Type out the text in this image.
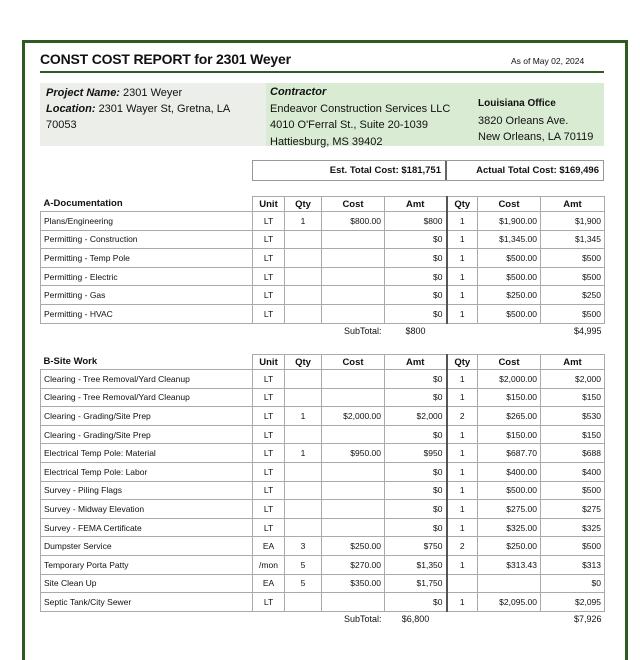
CONST COST REPORT for 2301 Weyer	As of May 02, 2024
Project Name: 2301 Weyer
Location: 2301 Wayer St, Gretna, LA
70053
Contractor
Endeavor Construction Services LLC
4010 O'Ferral St., Suite 20-1039
Hattiesburg, MS 39402
Louisiana Office
3820 Orleans Ave.
New Orleans, LA 70119
Est. Total Cost:
$181,751	Actual Total Cost:
$169,496
A-Documentation	Unit	Qty	Cost	Amt	Qty	Cost	Amt
Plans/Engineering	LT	1	$800.00	$800	1	$1,900.00	$1,900
Permitting - Construction	LT			$0	1	$1,345.00	$1,345
Permitting - Temp Pole	LT			$0	1	$500.00	$500
Permitting - Electric	LT			$0	1	$500.00	$500
Permitting - Gas	LT			$0	1	$250.00	$250
Permitting - HVAC	LT			$0	1	$500.00	$500
			SubTotal:	$800			$4,995
B-Site Work	Unit	Qty	Cost	Amt	Qty	Cost	Amt
Clearing - Tree Removal/Yard Cleanup	LT			$0	1	$2,000.00	$2,000
Clearing - Tree Removal/Yard Cleanup	LT			$0	1	$150.00	$150
Clearing - Grading/Site Prep	LT	1	$2,000.00	$2,000	2	$265.00	$530
Clearing - Grading/Site Prep	LT			$0	1	$150.00	$150
Electrical Temp Pole: Material	LT	1	$950.00	$950	1	$687.70	$688
Electrical Temp Pole: Labor	LT			$0	1	$400.00	$400
Survey - Piling Flags	LT			$0	1	$500.00	$500
Survey - Midway Elevation	LT			$0	1	$275.00	$275
Survey - FEMA Certificate	LT			$0	1	$325.00	$325
Dumpster Service	EA	3	$250.00	$750	2	$250.00	$500
Temporary Porta Patty	/mon	5	$270.00	$1,350	1	$313.43	$313
Site Clean Up	EA	5	$350.00	$1,750			$0
Septic Tank/City Sewer	LT			$0	1	$2,095.00	$2,095
			SubTotal:	$6,800			$7,926
